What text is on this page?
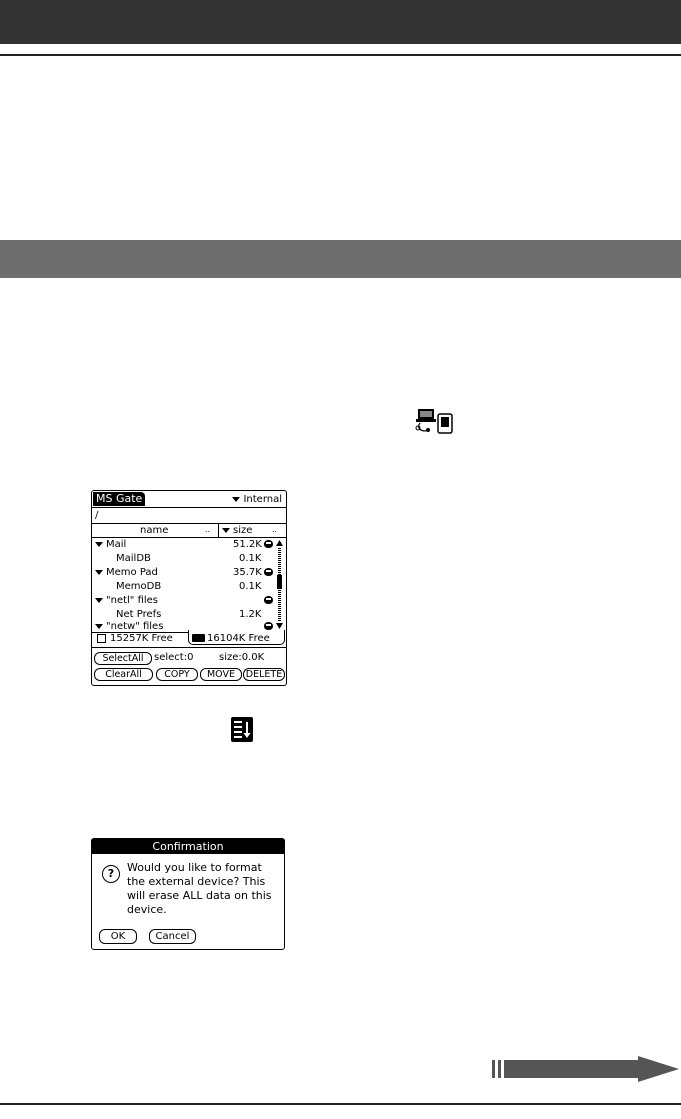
MS Gate	Internal
/
name	..	size ..
Mail	51.2K
MailDB	0.1K
Memo Pad	35.7K
MemoDB	0.1K
"netl" files
Net Prefs	1.2K
"netw" files
15257K Free	16104K Free
SelectAll	select:0	size:0.0K
ClearAll	COPY	MOVE	DELETE
Confirmation
?	Would you like to format the external device? This will erase ALL data on this device.
OK	Cancel
